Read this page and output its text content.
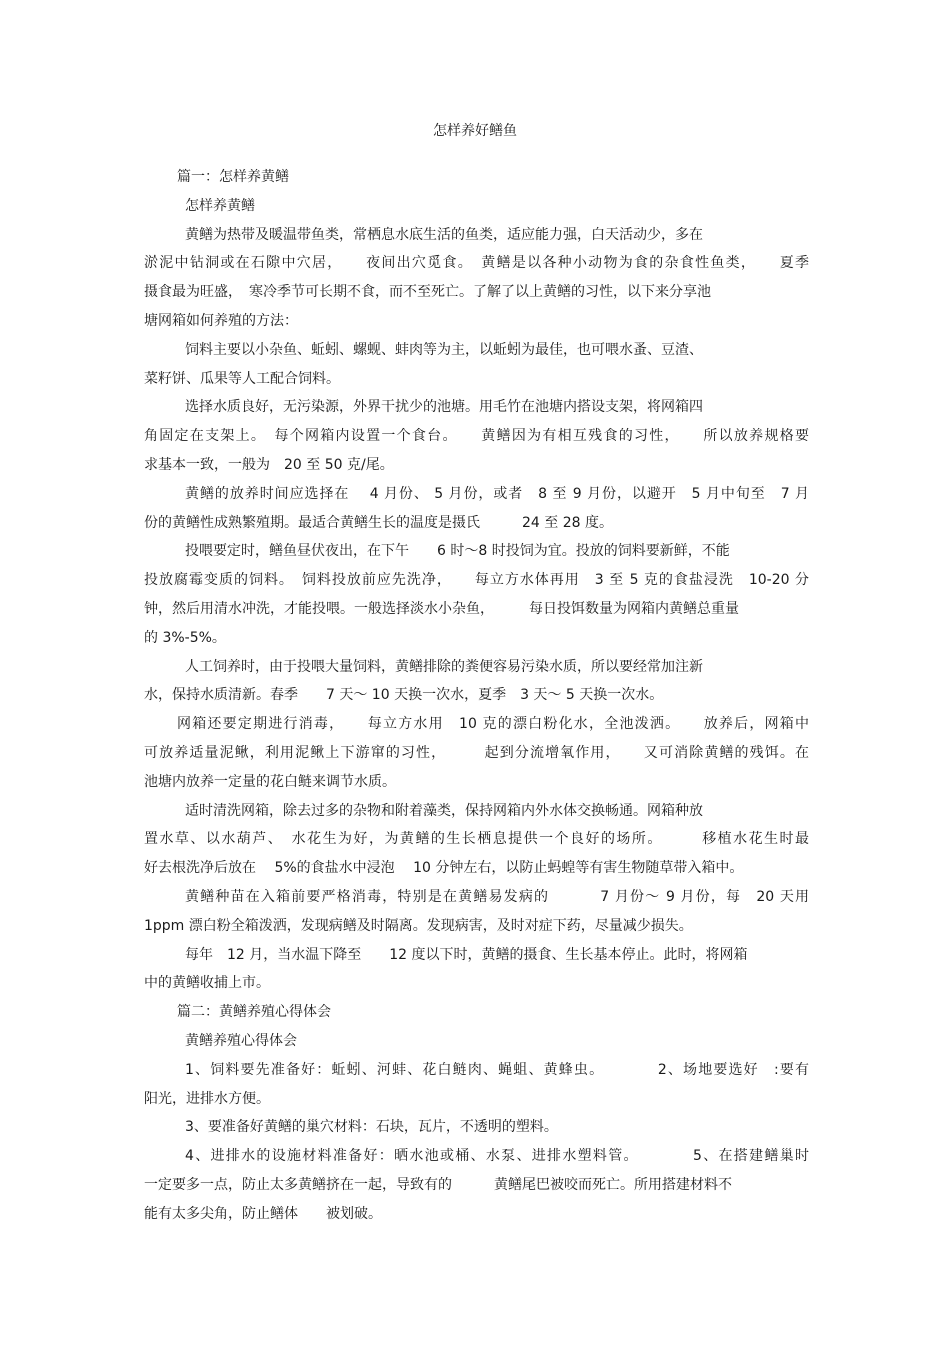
怎样养好鳝鱼
篇一：怎样养黄鳝
怎样养黄鳝
黄鳝为热带及暖温带鱼类，常栖息水底生活的鱼类，适应能力强，白天活动少，多在
淤泥中钻洞或在石隙中穴居，　　夜间出穴觅食。　黄鳝是以各种小动物为食的杂食性鱼类，　　夏季
摄食最为旺盛，　寒冷季节可长期不食，而不至死亡。了解了以上黄鳝的习性，以下来分享池
塘网箱如何养殖的方法：
饲料主要以小杂鱼、蚯蚓、螺蚬、蚌肉等为主，以蚯蚓为最佳，也可喂水蚤、豆渣、
菜籽饼、瓜果等人工配合饲料。
选择水质良好，无污染源，外界干扰少的池塘。用毛竹在池塘内搭设支架，将网箱四
角固定在支架上。　每个网箱内设置一个食台。　　黄鳝因为有相互残食的习性，　　所以放养规格要
求基本一致，一般为　20 至 50 克/尾。
黄鳝的放养时间应选择在　 4 月份、 5 月份，或者　8 至 9 月份，以避开　5 月中旬至　7 月
份的黄鳝性成熟繁殖期。最适合黄鳝生长的温度是摄氏　　　24 至 28 度。
投喂要定时，鳝鱼昼伏夜出，在下午　　6 时～8 时投饲为宜。投放的饲料要新鲜，不能
投放腐霉变质的饲料。　饲料投放前应先洗净，　　每立方水体再用　3 至 5 克的食盐浸洗　10-20 分
钟，然后用清水冲洗，才能投喂。一般选择淡水小杂鱼，　　　每日投饵数量为网箱内黄鳝总重量
的 3%-5%。
人工饲养时，由于投喂大量饲料，黄鳝排除的粪便容易污染水质，所以要经常加注新
水，保持水质清新。春季　　7 天～ 10 天换一次水，夏季　3 天～ 5 天换一次水。
网箱还要定期进行消毒，　　每立方水用　10 克的漂白粉化水，全池泼洒。　　放养后，网箱中
可放养适量泥鳅，利用泥鳅上下游窜的习性，　　　起到分流增氧作用，　　又可消除黄鳝的残饵。在
池塘内放养一定量的花白鲢来调节水质。
适时清洗网箱，除去过多的杂物和附着藻类，保持网箱内外水体交换畅通。网箱种放
置水草、以水葫芦、　水花生为好，为黄鳝的生长栖息提供一个良好的场所。　　　移植水花生时最
好去根洗净后放在　 5%的食盐水中浸泡　 10 分钟左右，以防止蚂蝗等有害生物随草带入箱中。
黄鳝种苗在入箱前要严格消毒，特别是在黄鳝易发病的　　　 7 月份～ 9 月份，每　20 天用
1ppm 漂白粉全箱泼洒，发现病鳝及时隔离。发现病害，及时对症下药，尽量减少损失。
每年　12 月，当水温下降至　　12 度以下时，黄鳝的摄食、生长基本停止。此时，将网箱
中的黄鳝收捕上市。
篇二：黄鳝养殖心得体会
黄鳝养殖心得体会
1、饲料要先准备好：蚯蚓、河蚌、花白鲢肉、蝇蛆、黄蜂虫。　　　　2、场地要选好　:要有
阳光，进排水方便。
3、要准备好黄鳝的巢穴材料：石块，瓦片，不透明的塑料。
4、进排水的设施材料准备好：晒水池或桶、水泵、进排水塑料管。　　　　5、在搭建鳝巢时
一定要多一点，防止太多黄鳝挤在一起，导致有的　　　黄鳝尾巴被咬而死亡。所用搭建材料不
能有太多尖角，防止鳝体　　被划破。
